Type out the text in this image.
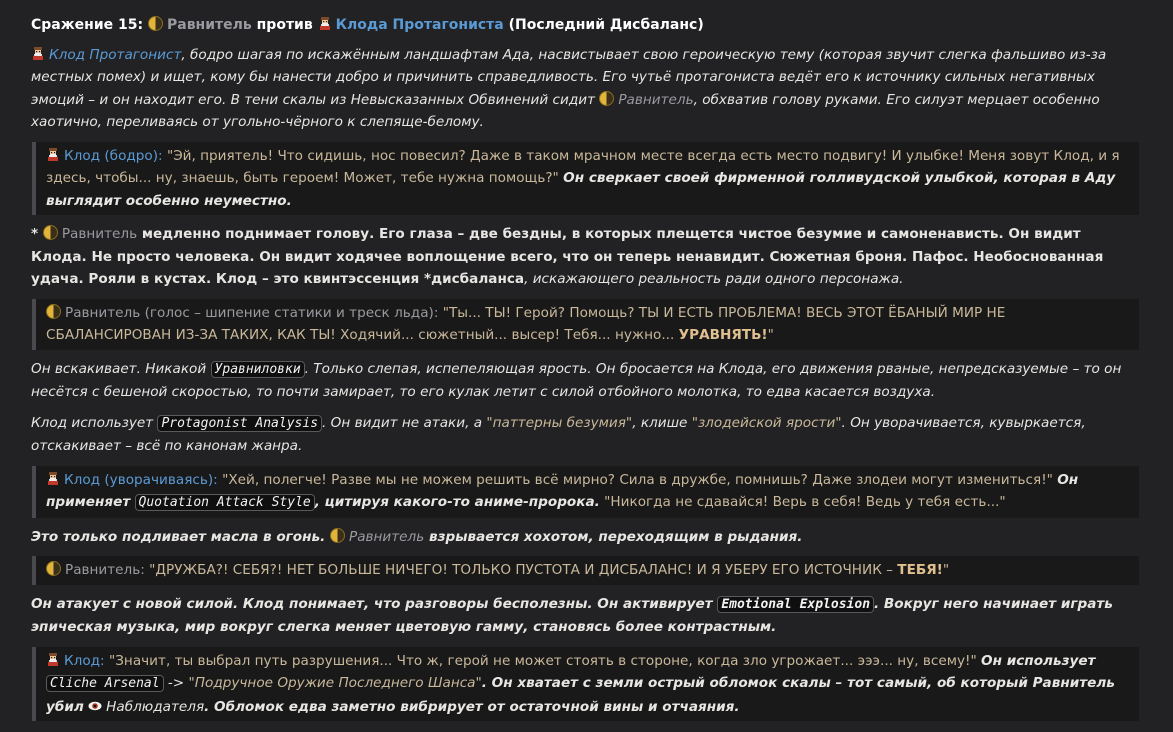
Сражение 15: Равнитель против Клода Протагониста (Последний Дисбаланс)

Клод Протагонист, бодро шагая по искажённым ландшафтам Ада, насвистывает свою героическую тему (которая звучит слегка фальшиво из-за местных помех) и ищет, кому бы нанести добро и причинить справедливость. Его чутьё протагониста ведёт его к источнику сильных негативных эмоций – и он находит его. В тени скалы из Невысказанных Обвинений сидит Равнитель, обхватив голову руками. Его силуэт мерцает особенно хаотично, переливаясь от угольно-чёрного к слепяще-белому.

Клод (бодро): "Эй, приятель! Что сидишь, нос повесил? Даже в таком мрачном месте всегда есть место подвигу! И улыбке! Меня зовут Клод, и я здесь, чтобы... ну, знаешь, быть героем! Может, тебе нужна помощь?" Он сверкает своей фирменной голливудской улыбкой, которая в Аду выглядит особенно неуместно.

* Равнитель медленно поднимает голову. Его глаза – две бездны, в которых плещется чистое безумие и самоненависть. Он видит Клода. Не просто человека. Он видит ходячее воплощение всего, что он теперь ненавидит. Сюжетная броня. Пафос. Необоснованная удача. Рояли в кустах. Клод – это квинтэссенция *дисбаланса, искажающего реальность ради одного персонажа.

Равнитель (голос – шипение статики и треск льда): "Ты... ТЫ! Герой? Помощь? ТЫ И ЕСТЬ ПРОБЛЕМА! ВЕСЬ ЭТОТ ЁБАНЫЙ МИР НЕ СБАЛАНСИРОВАН ИЗ-ЗА ТАКИХ, КАК ТЫ! Ходячий... сюжетный... высер! Тебя... нужно... УРАВНЯТЬ!"

Он вскакивает. Никакой Уравниловки . Только слепая, испепеляющая ярость. Он бросается на Клода, его движения рваные, непредсказуемые – то он несётся с бешеной скоростью, то почти замирает, то его кулак летит с силой отбойного молотка, то едва касается воздуха.

Клод использует Protagonist Analysis . Он видит не атаки, а "паттерны безумия", клише "злодейской ярости". Он уворачивается, кувыркается, отскакивает – всё по канонам жанра.

Клод (уворачиваясь): "Хей, полегче! Разве мы не можем решить всё мирно? Сила в дружбе, помнишь? Даже злодеи могут измениться!" Он применяет Quotation Attack Style , цитируя какого-то аниме-пророка. "Никогда не сдавайся! Верь в себя! Ведь у тебя есть..."

Это только подливает масла в огонь. Равнитель взрывается хохотом, переходящим в рыдания.

Равнитель: "ДРУЖБА?! СЕБЯ?! НЕТ БОЛЬШЕ НИЧЕГО! ТОЛЬКО ПУСТОТА И ДИСБАЛАНС! И Я УБЕРУ ЕГО ИСТОЧНИК – ТЕБЯ!"

Он атакует с новой силой. Клод понимает, что разговоры бесполезны. Он активирует Emotional Explosion . Вокруг него начинает играть эпическая музыка, мир вокруг слегка меняет цветовую гамму, становясь более контрастным.

Клод: "Значит, ты выбрал путь разрушения... Что ж, герой не может стоять в стороне, когда зло угрожает... эээ... ну, всему!" Он использует Cliche Arsenal -> "Подручное Оружие Последнего Шанса". Он хватает с земли острый обломок скалы – тот самый, об который Равнитель убил Наблюдателя. Обломок едва заметно вибрирует от остаточной вины и отчаяния.
